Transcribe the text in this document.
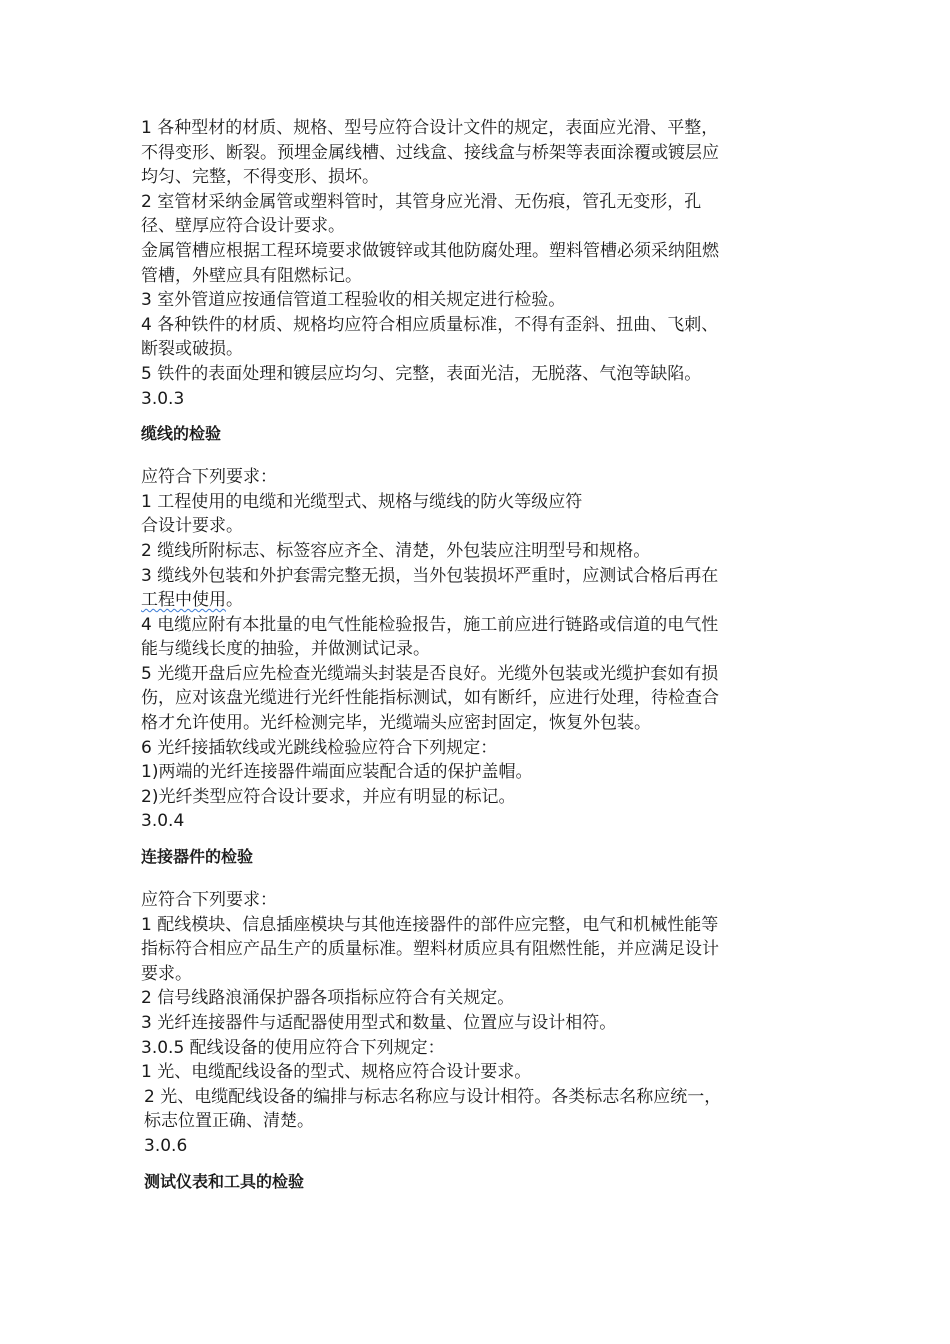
1 各种型材的材质、规格、型号应符合设计文件的规定，表面应光滑、平整，
不得变形、断裂。预埋金属线槽、过线盒、接线盒与桥架等表面涂覆或镀层应
均匀、完整，不得变形、损坏。
2 室管材采纳金属管或塑料管时，其管身应光滑、无伤痕，管孔无变形，孔
径、壁厚应符合设计要求。
金属管槽应根据工程环境要求做镀锌或其他防腐处理。塑料管槽必须采纳阻燃
管槽，外壁应具有阻燃标记。
3 室外管道应按通信管道工程验收的相关规定进行检验。
4 各种铁件的材质、规格均应符合相应质量标准，不得有歪斜、扭曲、飞刺、
断裂或破损。
5 铁件的表面处理和镀层应均匀、完整，表面光洁，无脱落、气泡等缺陷。
3.0.3
缆线的检验
应符合下列要求：
1 工程使用的电缆和光缆型式、规格与缆线的防火等级应符
合设计要求。
2 缆线所附标志、标签容应齐全、清楚，外包装应注明型号和规格。
3 缆线外包装和外护套需完整无损，当外包装损坏严重时，应测试合格后再在
工程中使用。
4 电缆应附有本批量的电气性能检验报告，施工前应进行链路或信道的电气性
能与缆线长度的抽验，并做测试记录。
5 光缆开盘后应先检查光缆端头封装是否良好。光缆外包装或光缆护套如有损
伤，应对该盘光缆进行光纤性能指标测试，如有断纤，应进行处理，待检查合
格才允许使用。光纤检测完毕，光缆端头应密封固定，恢复外包装。
6 光纤接插软线或光跳线检验应符合下列规定：
1)两端的光纤连接器件端面应装配合适的保护盖帽。
2)光纤类型应符合设计要求，并应有明显的标记。
3.0.4
连接器件的检验
应符合下列要求：
1 配线模块、信息插座模块与其他连接器件的部件应完整，电气和机械性能等
指标符合相应产品生产的质量标准。塑料材质应具有阻燃性能，并应满足设计
要求。
2 信号线路浪涌保护器各项指标应符合有关规定。
3 光纤连接器件与适配器使用型式和数量、位置应与设计相符。
3.0.5 配线设备的使用应符合下列规定：
1 光、电缆配线设备的型式、规格应符合设计要求。
2 光、电缆配线设备的编排与标志名称应与设计相符。各类标志名称应统一，
标志位置正确、清楚。
3.0.6
测试仪表和工具的检验
